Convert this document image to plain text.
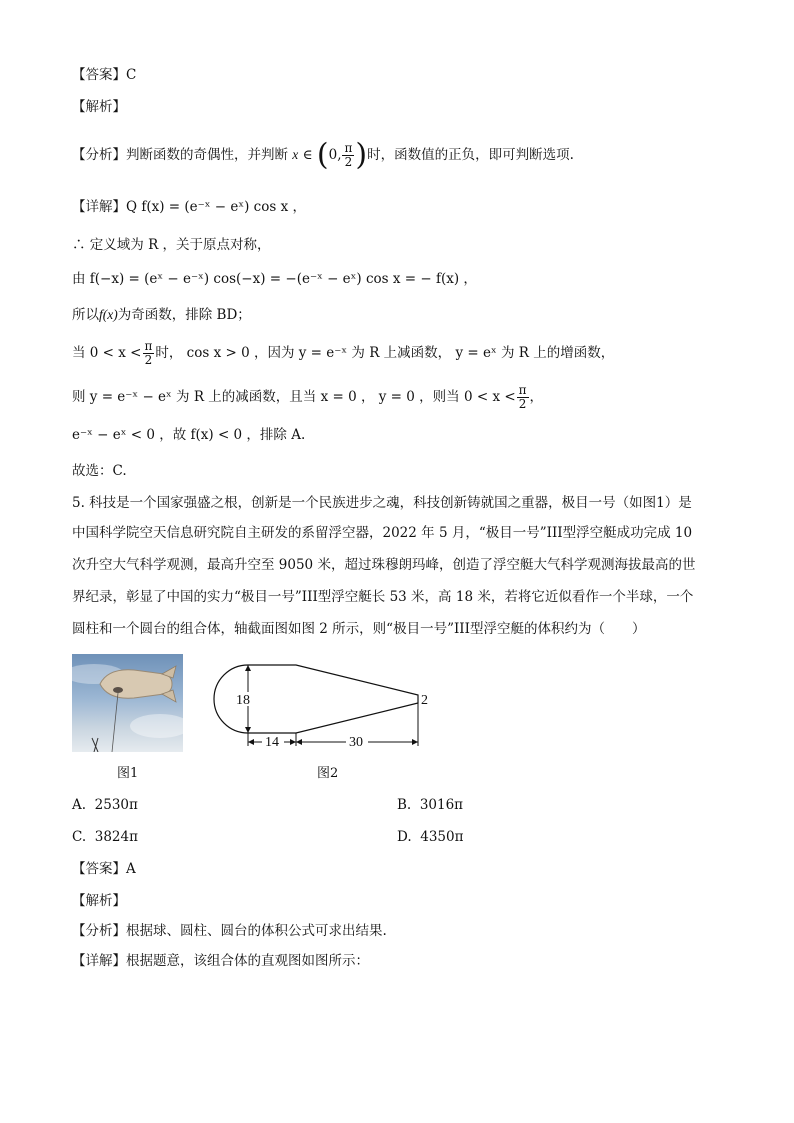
【答案】C
【解析】
【分析】判断函数的奇偶性，并判断 x ∈ (0, $\frac{\pi}{2}$ )时，函数值的正负，即可判断选项.
【详解】Q f(x) = (e⁻ˣ − eˣ) cos x ，
∴ 定义域为 R ，关于原点对称，
由 f(−x) = (eˣ − e⁻ˣ) cos(−x) = −(e⁻ˣ − eˣ) cos x = − f(x) ，
所以f(x)为奇函数，排除 BD；
当 $0 < x < \frac{\pi}{2}$ 时， cos x > 0 ，因为 y = e⁻ˣ 为 R 上减函数， y = eˣ 为 R 上的增函数，
则 y = e⁻ˣ − eˣ 为 R 上的减函数，且当 x = 0 ， y = 0 ，则当 $0 < x < \frac{\pi}{2}$ ，
e⁻ˣ − eˣ < 0 ，故 f(x) < 0 ，排除 A.
故选：C.
5. 科技是一个国家强盛之根，创新是一个民族进步之魂，科技创新铸就国之重器，极目一号（如图1）是
中国科学院空天信息研究院自主研发的系留浮空器，2022 年 5 月，“极目一号”III型浮空艇成功完成 10
次升空大气科学观测，最高升空至 9050 米，超过珠穆朗玛峰，创造了浮空艇大气科学观测海拔最高的世
界纪录，彰显了中国的实力“极目一号”III型浮空艇长 53 米，高 18 米，若将它近似看作一个半球，一个
圆柱和一个圆台的组合体，轴截面图如图 2 所示，则“极目一号”III型浮空艇的体积约为（　　）
图1
18	2
14	30
图2
A. 2530π	B. 3016π
C. 3824π	D. 4350π
【答案】A
【解析】
【分析】根据球、圆柱、圆台的体积公式可求出结果.
【详解】根据题意，该组合体的直观图如图所示：
